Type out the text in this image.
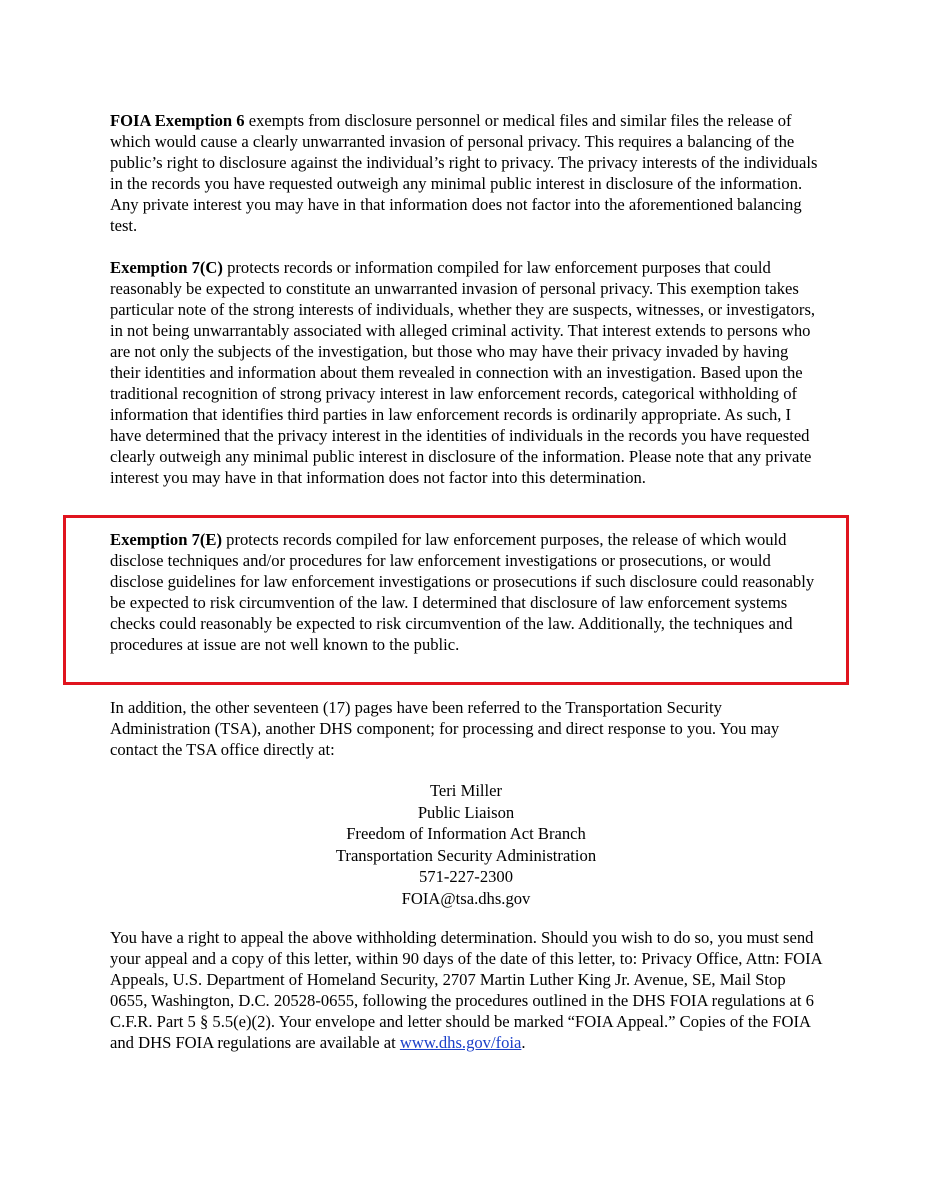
FOIA Exemption 6 exempts from disclosure personnel or medical files and similar files the release of which would cause a clearly unwarranted invasion of personal privacy. This requires a balancing of the public’s right to disclosure against the individual’s right to privacy. The privacy interests of the individuals in the records you have requested outweigh any minimal public interest in disclosure of the information. Any private interest you may have in that information does not factor into the aforementioned balancing test.

Exemption 7(C) protects records or information compiled for law enforcement purposes that could reasonably be expected to constitute an unwarranted invasion of personal privacy. This exemption takes particular note of the strong interests of individuals, whether they are suspects, witnesses, or investigators, in not being unwarrantably associated with alleged criminal activity. That interest extends to persons who are not only the subjects of the investigation, but those who may have their privacy invaded by having their identities and information about them revealed in connection with an investigation. Based upon the traditional recognition of strong privacy interest in law enforcement records, categorical withholding of information that identifies third parties in law enforcement records is ordinarily appropriate. As such, I have determined that the privacy interest in the identities of individuals in the records you have requested clearly outweigh any minimal public interest in disclosure of the information. Please note that any private interest you may have in that information does not factor into this determination.

Exemption 7(E) protects records compiled for law enforcement purposes, the release of which would disclose techniques and/or procedures for law enforcement investigations or prosecutions, or would disclose guidelines for law enforcement investigations or prosecutions if such disclosure could reasonably be expected to risk circumvention of the law. I determined that disclosure of law enforcement systems checks could reasonably be expected to risk circumvention of the law. Additionally, the techniques and procedures at issue are not well known to the public.

In addition, the other seventeen (17) pages have been referred to the Transportation Security Administration (TSA), another DHS component; for processing and direct response to you. You may contact the TSA office directly at:

Teri Miller
Public Liaison
Freedom of Information Act Branch
Transportation Security Administration
571-227-2300
FOIA@tsa.dhs.gov

You have a right to appeal the above withholding determination. Should you wish to do so, you must send your appeal and a copy of this letter, within 90 days of the date of this letter, to: Privacy Office, Attn: FOIA Appeals, U.S. Department of Homeland Security, 2707 Martin Luther King Jr. Avenue, SE, Mail Stop 0655, Washington, D.C. 20528-0655, following the procedures outlined in the DHS FOIA regulations at 6 C.F.R. Part 5 § 5.5(e)(2). Your envelope and letter should be marked “FOIA Appeal.” Copies of the FOIA and DHS FOIA regulations are available at www.dhs.gov/foia.
